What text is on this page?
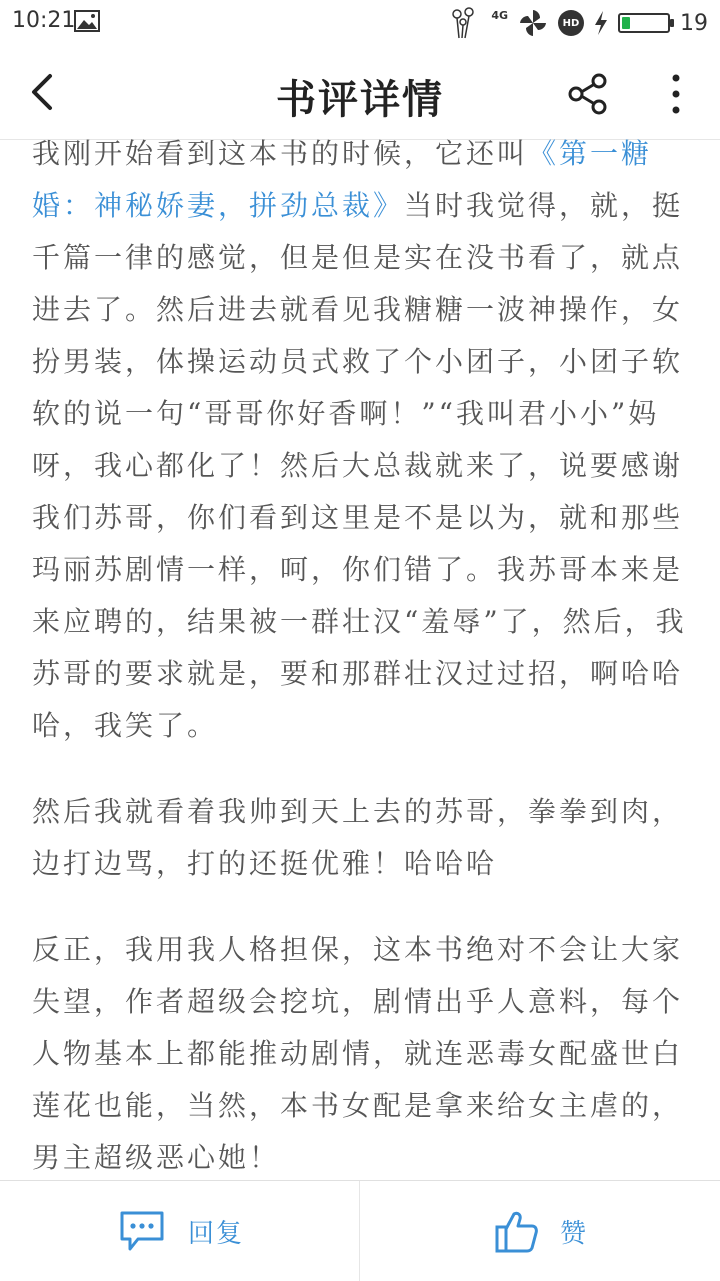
10:21	4G
HD	19
书评详情

我刚开始看到这本书的时候，它还叫《第一糖婚：神秘娇妻，拼劲总裁》当时我觉得，就，挺千篇一律的感觉，但是但是实在没书看了，就点进去了。然后进去就看见我糖糖一波神操作，女扮男装，体操运动员式救了个小团子，小团子软软的说一句“哥哥你好香啊！”“我叫君小小”妈呀，我心都化了！然后大总裁就来了，说要感谢我们苏哥，你们看到这里是不是以为，就和那些玛丽苏剧情一样，呵，你们错了。我苏哥本来是来应聘的，结果被一群壮汉“羞辱”了，然后，我苏哥的要求就是，要和那群壮汉过过招，啊哈哈哈，我笑了。

然后我就看着我帅到天上去的苏哥，拳拳到肉，边打边骂，打的还挺优雅！哈哈哈

反正，我用我人格担保，这本书绝对不会让大家失望，作者超级会挖坑，剧情出乎人意料，每个人物基本上都能推动剧情，就连恶毒女配盛世白莲花也能，当然，本书女配是拿来给女主虐的，男主超级恶心她！

回复	赞
